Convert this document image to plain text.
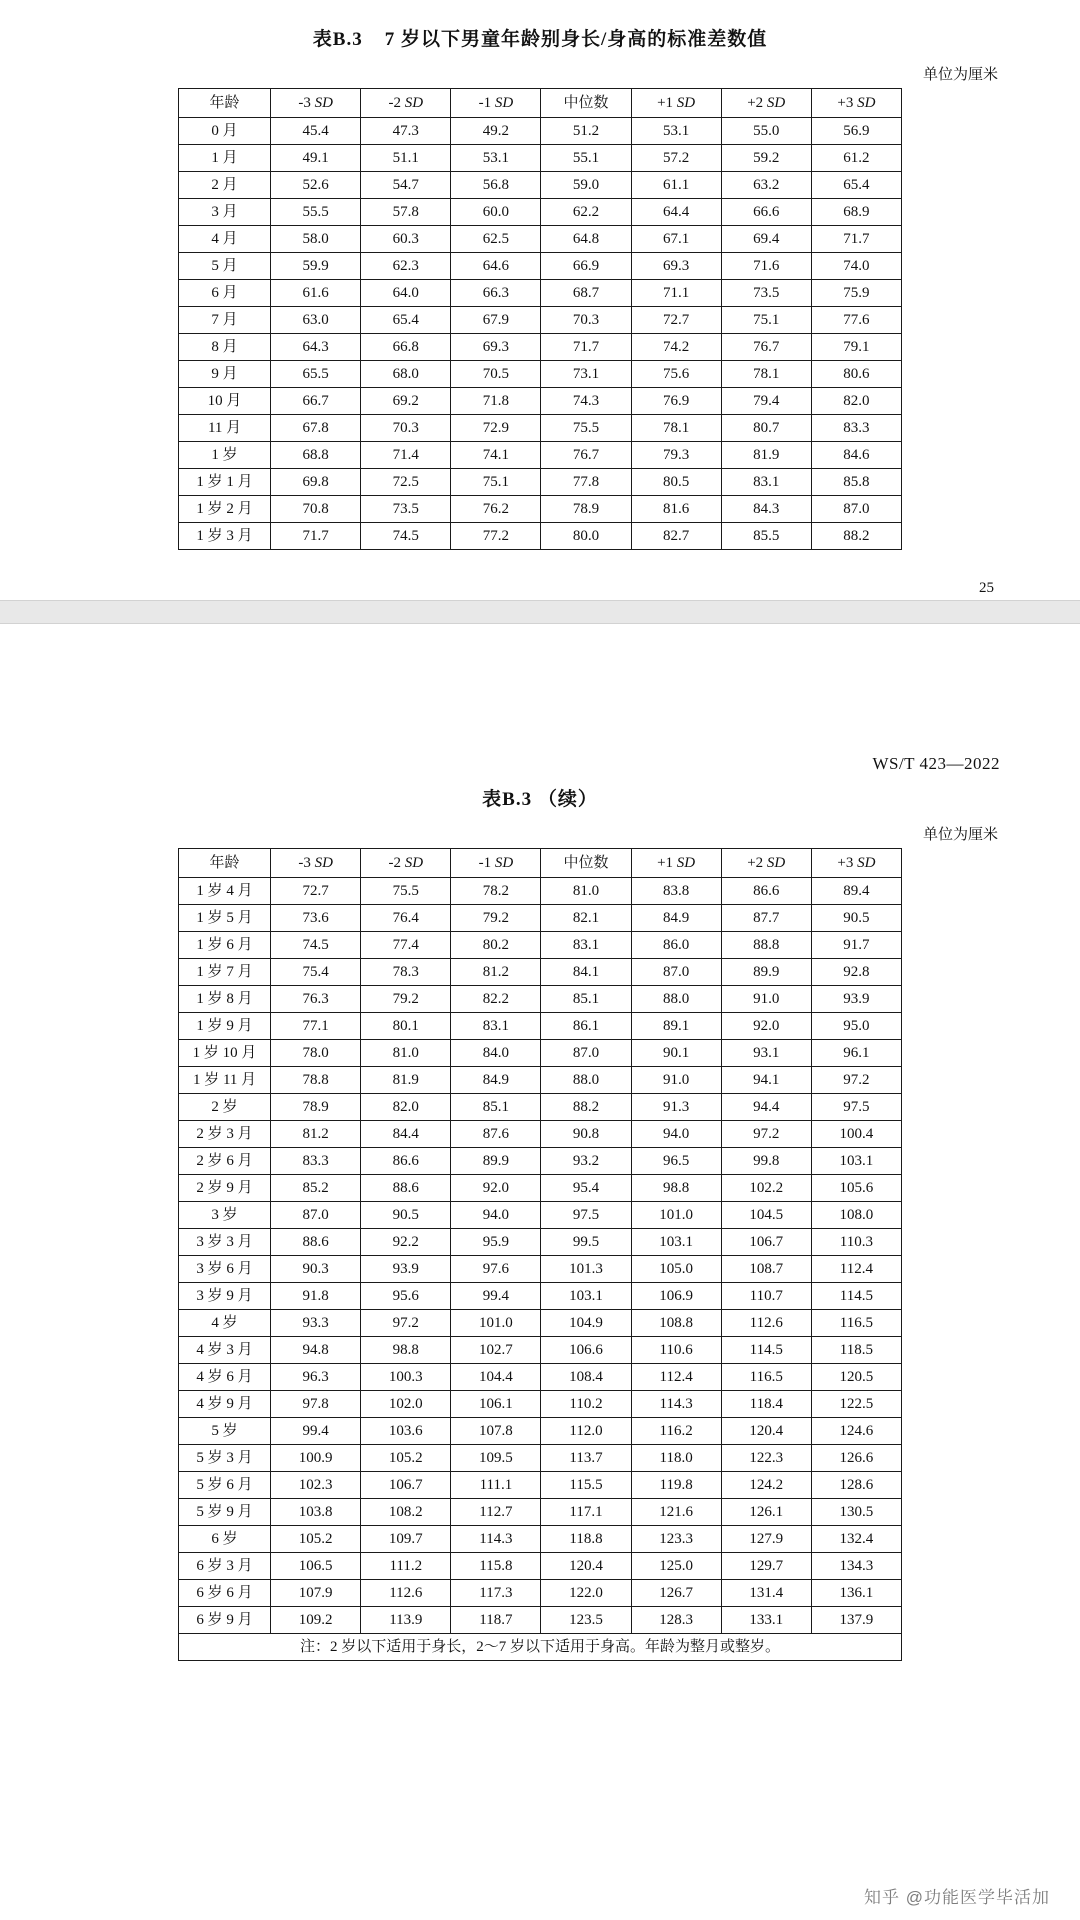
表B.3 7 岁以下男童年龄别身长/身高的标准差数值
单位为厘米
年龄	-3 SD	-2 SD	-1 SD	中位数	+1 SD	+2 SD	+3 SD
0 月	45.4	47.3	49.2	51.2	53.1	55.0	56.9
1 月	49.1	51.1	53.1	55.1	57.2	59.2	61.2
2 月	52.6	54.7	56.8	59.0	61.1	63.2	65.4
3 月	55.5	57.8	60.0	62.2	64.4	66.6	68.9
4 月	58.0	60.3	62.5	64.8	67.1	69.4	71.7
5 月	59.9	62.3	64.6	66.9	69.3	71.6	74.0
6 月	61.6	64.0	66.3	68.7	71.1	73.5	75.9
7 月	63.0	65.4	67.9	70.3	72.7	75.1	77.6
8 月	64.3	66.8	69.3	71.7	74.2	76.7	79.1
9 月	65.5	68.0	70.5	73.1	75.6	78.1	80.6
10 月	66.7	69.2	71.8	74.3	76.9	79.4	82.0
11 月	67.8	70.3	72.9	75.5	78.1	80.7	83.3
1 岁	68.8	71.4	74.1	76.7	79.3	81.9	84.6
1 岁 1 月	69.8	72.5	75.1	77.8	80.5	83.1	85.8
1 岁 2 月	70.8	73.5	76.2	78.9	81.6	84.3	87.0
1 岁 3 月	71.7	74.5	77.2	80.0	82.7	85.5	88.2
25
WS/T 423—2022
表B.3 （续）
单位为厘米
年龄	-3 SD	-2 SD	-1 SD	中位数	+1 SD	+2 SD	+3 SD
1 岁 4 月	72.7	75.5	78.2	81.0	83.8	86.6	89.4
1 岁 5 月	73.6	76.4	79.2	82.1	84.9	87.7	90.5
1 岁 6 月	74.5	77.4	80.2	83.1	86.0	88.8	91.7
1 岁 7 月	75.4	78.3	81.2	84.1	87.0	89.9	92.8
1 岁 8 月	76.3	79.2	82.2	85.1	88.0	91.0	93.9
1 岁 9 月	77.1	80.1	83.1	86.1	89.1	92.0	95.0
1 岁 10 月	78.0	81.0	84.0	87.0	90.1	93.1	96.1
1 岁 11 月	78.8	81.9	84.9	88.0	91.0	94.1	97.2
2 岁	78.9	82.0	85.1	88.2	91.3	94.4	97.5
2 岁 3 月	81.2	84.4	87.6	90.8	94.0	97.2	100.4
2 岁 6 月	83.3	86.6	89.9	93.2	96.5	99.8	103.1
2 岁 9 月	85.2	88.6	92.0	95.4	98.8	102.2	105.6
3 岁	87.0	90.5	94.0	97.5	101.0	104.5	108.0
3 岁 3 月	88.6	92.2	95.9	99.5	103.1	106.7	110.3
3 岁 6 月	90.3	93.9	97.6	101.3	105.0	108.7	112.4
3 岁 9 月	91.8	95.6	99.4	103.1	106.9	110.7	114.5
4 岁	93.3	97.2	101.0	104.9	108.8	112.6	116.5
4 岁 3 月	94.8	98.8	102.7	106.6	110.6	114.5	118.5
4 岁 6 月	96.3	100.3	104.4	108.4	112.4	116.5	120.5
4 岁 9 月	97.8	102.0	106.1	110.2	114.3	118.4	122.5
5 岁	99.4	103.6	107.8	112.0	116.2	120.4	124.6
5 岁 3 月	100.9	105.2	109.5	113.7	118.0	122.3	126.6
5 岁 6 月	102.3	106.7	111.1	115.5	119.8	124.2	128.6
5 岁 9 月	103.8	108.2	112.7	117.1	121.6	126.1	130.5
6 岁	105.2	109.7	114.3	118.8	123.3	127.9	132.4
6 岁 3 月	106.5	111.2	115.8	120.4	125.0	129.7	134.3
6 岁 6 月	107.9	112.6	117.3	122.0	126.7	131.4	136.1
6 岁 9 月	109.2	113.9	118.7	123.5	128.3	133.1	137.9
注：2 岁以下适用于身长，2～7 岁以下适用于身高。年龄为整月或整岁。							
知乎 @功能医学毕活加
